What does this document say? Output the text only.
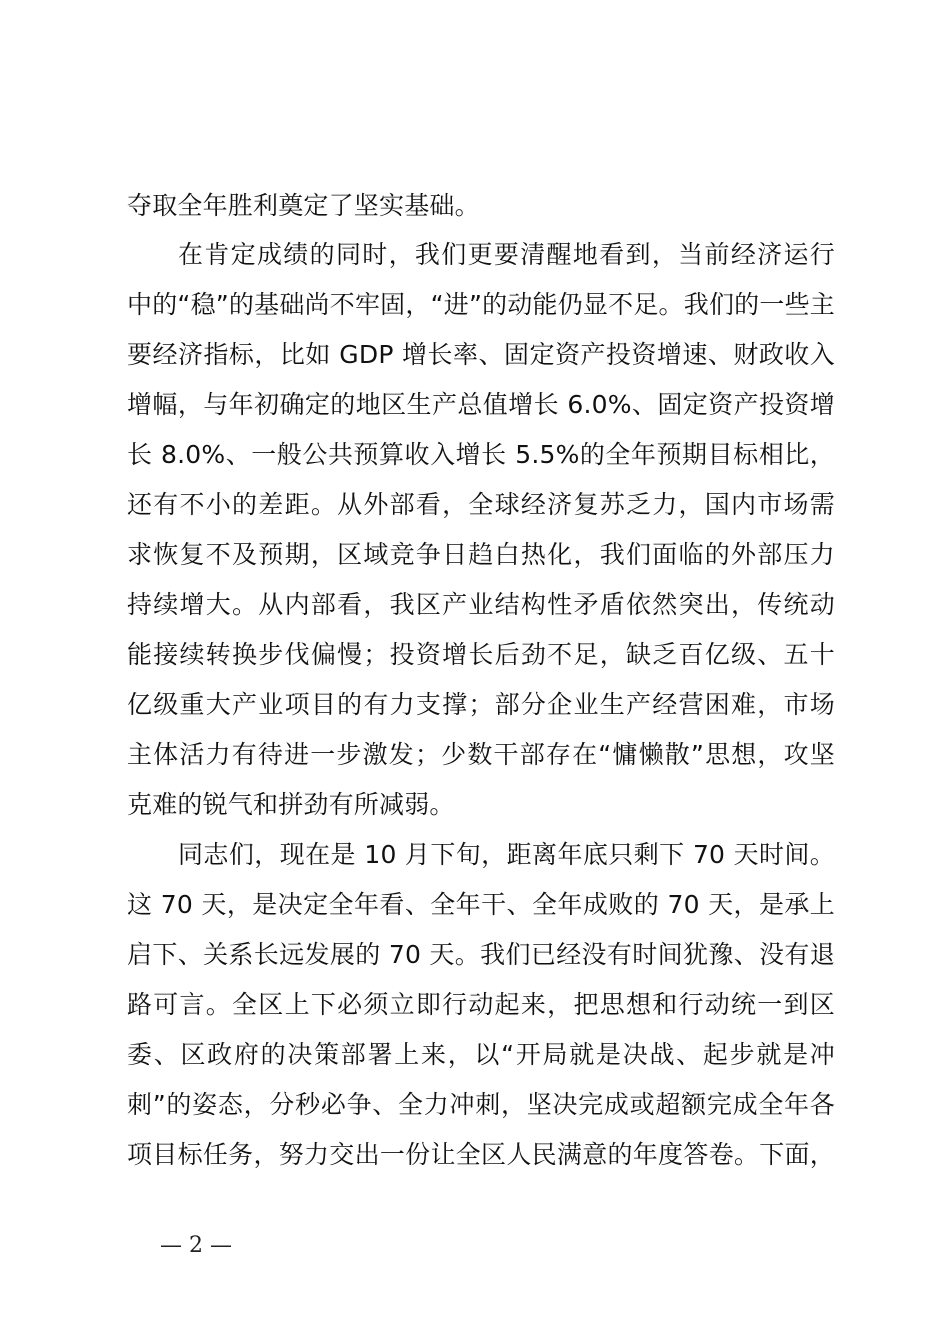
夺取全年胜利奠定了坚实基础。
在肯定成绩的同时，我们更要清醒地看到，当前经济运行
中的“稳”的基础尚不牢固，“进”的动能仍显不足。我们的一些主
要经济指标，比如 GDP 增长率、固定资产投资增速、财政收入
增幅，与年初确定的地区生产总值增长 6.0%、固定资产投资增
长 8.0%、一般公共预算收入增长 5.5%的全年预期目标相比，
还有不小的差距。从外部看，全球经济复苏乏力，国内市场需
求恢复不及预期，区域竞争日趋白热化，我们面临的外部压力
持续增大。从内部看，我区产业结构性矛盾依然突出，传统动
能接续转换步伐偏慢；投资增长后劲不足，缺乏百亿级、五十
亿级重大产业项目的有力支撑；部分企业生产经营困难，市场
主体活力有待进一步激发；少数干部存在“慵懒散”思想，攻坚
克难的锐气和拼劲有所减弱。
同志们，现在是 10 月下旬，距离年底只剩下 70 天时间。
这 70 天，是决定全年看、全年干、全年成败的 70 天，是承上
启下、关系长远发展的 70 天。我们已经没有时间犹豫、没有退
路可言。全区上下必须立即行动起来，把思想和行动统一到区
委、区政府的决策部署上来，以“开局就是决战、起步就是冲
刺”的姿态，分秒必争、全力冲刺，坚决完成或超额完成全年各
项目标任务，努力交出一份让全区人民满意的年度答卷。下面，
— 2 —
